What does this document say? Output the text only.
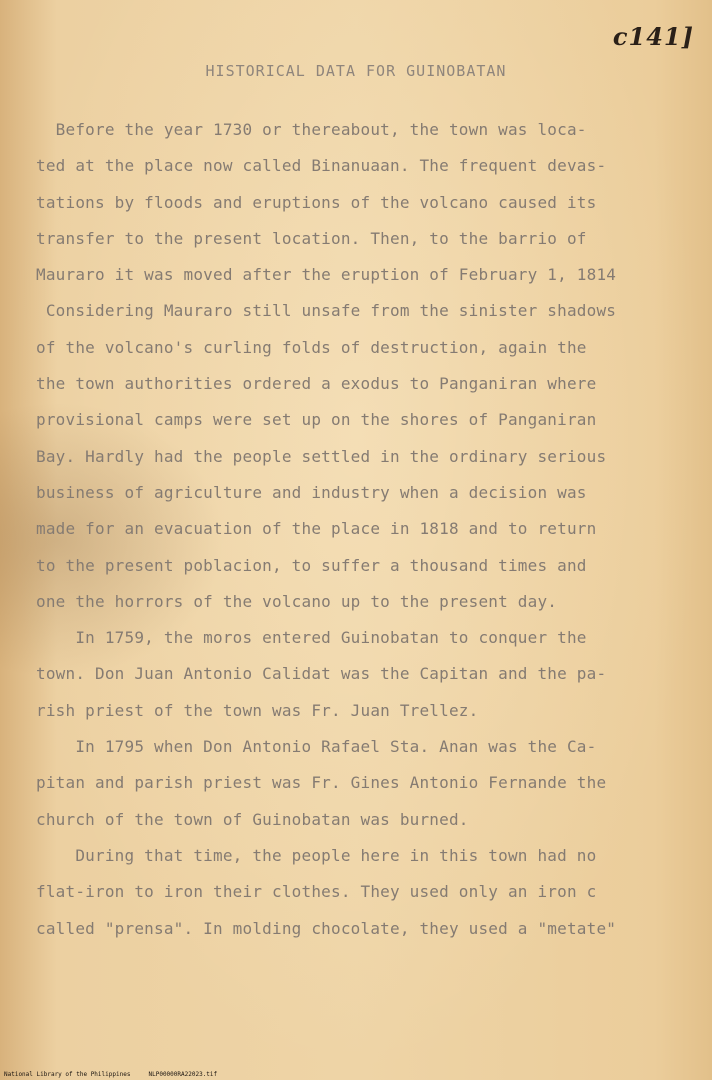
c141]
HISTORICAL DATA FOR GUINOBATAN
Before the year 1730 or thereabout, the town was loca-
ted at the place now called Binanuaan. The frequent devas-
tations by floods and eruptions of the volcano caused its
transfer to the present location. Then, to the barrio of
Mauraro it was moved after the eruption of February 1, 1814
Considering Mauraro still unsafe from the sinister shadows
of the volcano's curling folds of destruction, again the
the town authorities ordered a exodus to Panganiran where
provisional camps were set up on the shores of Panganiran
Bay. Hardly had the people settled in the ordinary serious
business of agriculture and industry when a decision was
made for an evacuation of the place in 1818 and to return
to the present poblacion, to suffer a thousand times and
one the horrors of the volcano up to the present day.
In 1759, the moros entered Guinobatan to conquer the
town. Don Juan Antonio Calidat was the Capitan and the pa-
rish priest of the town was Fr. Juan Trellez.
In 1795 when Don Antonio Rafael Sta. Anan was the Ca-
pitan and parish priest was Fr. Gines Antonio Fernande the
church of the town of Guinobatan was burned.
During that time, the people here in this town had no
flat-iron to iron their clothes. They used only an iron c
called "prensa". In molding chocolate, they used a "metate"
National Library of the Philippines     NLP00000RA22023.tif
